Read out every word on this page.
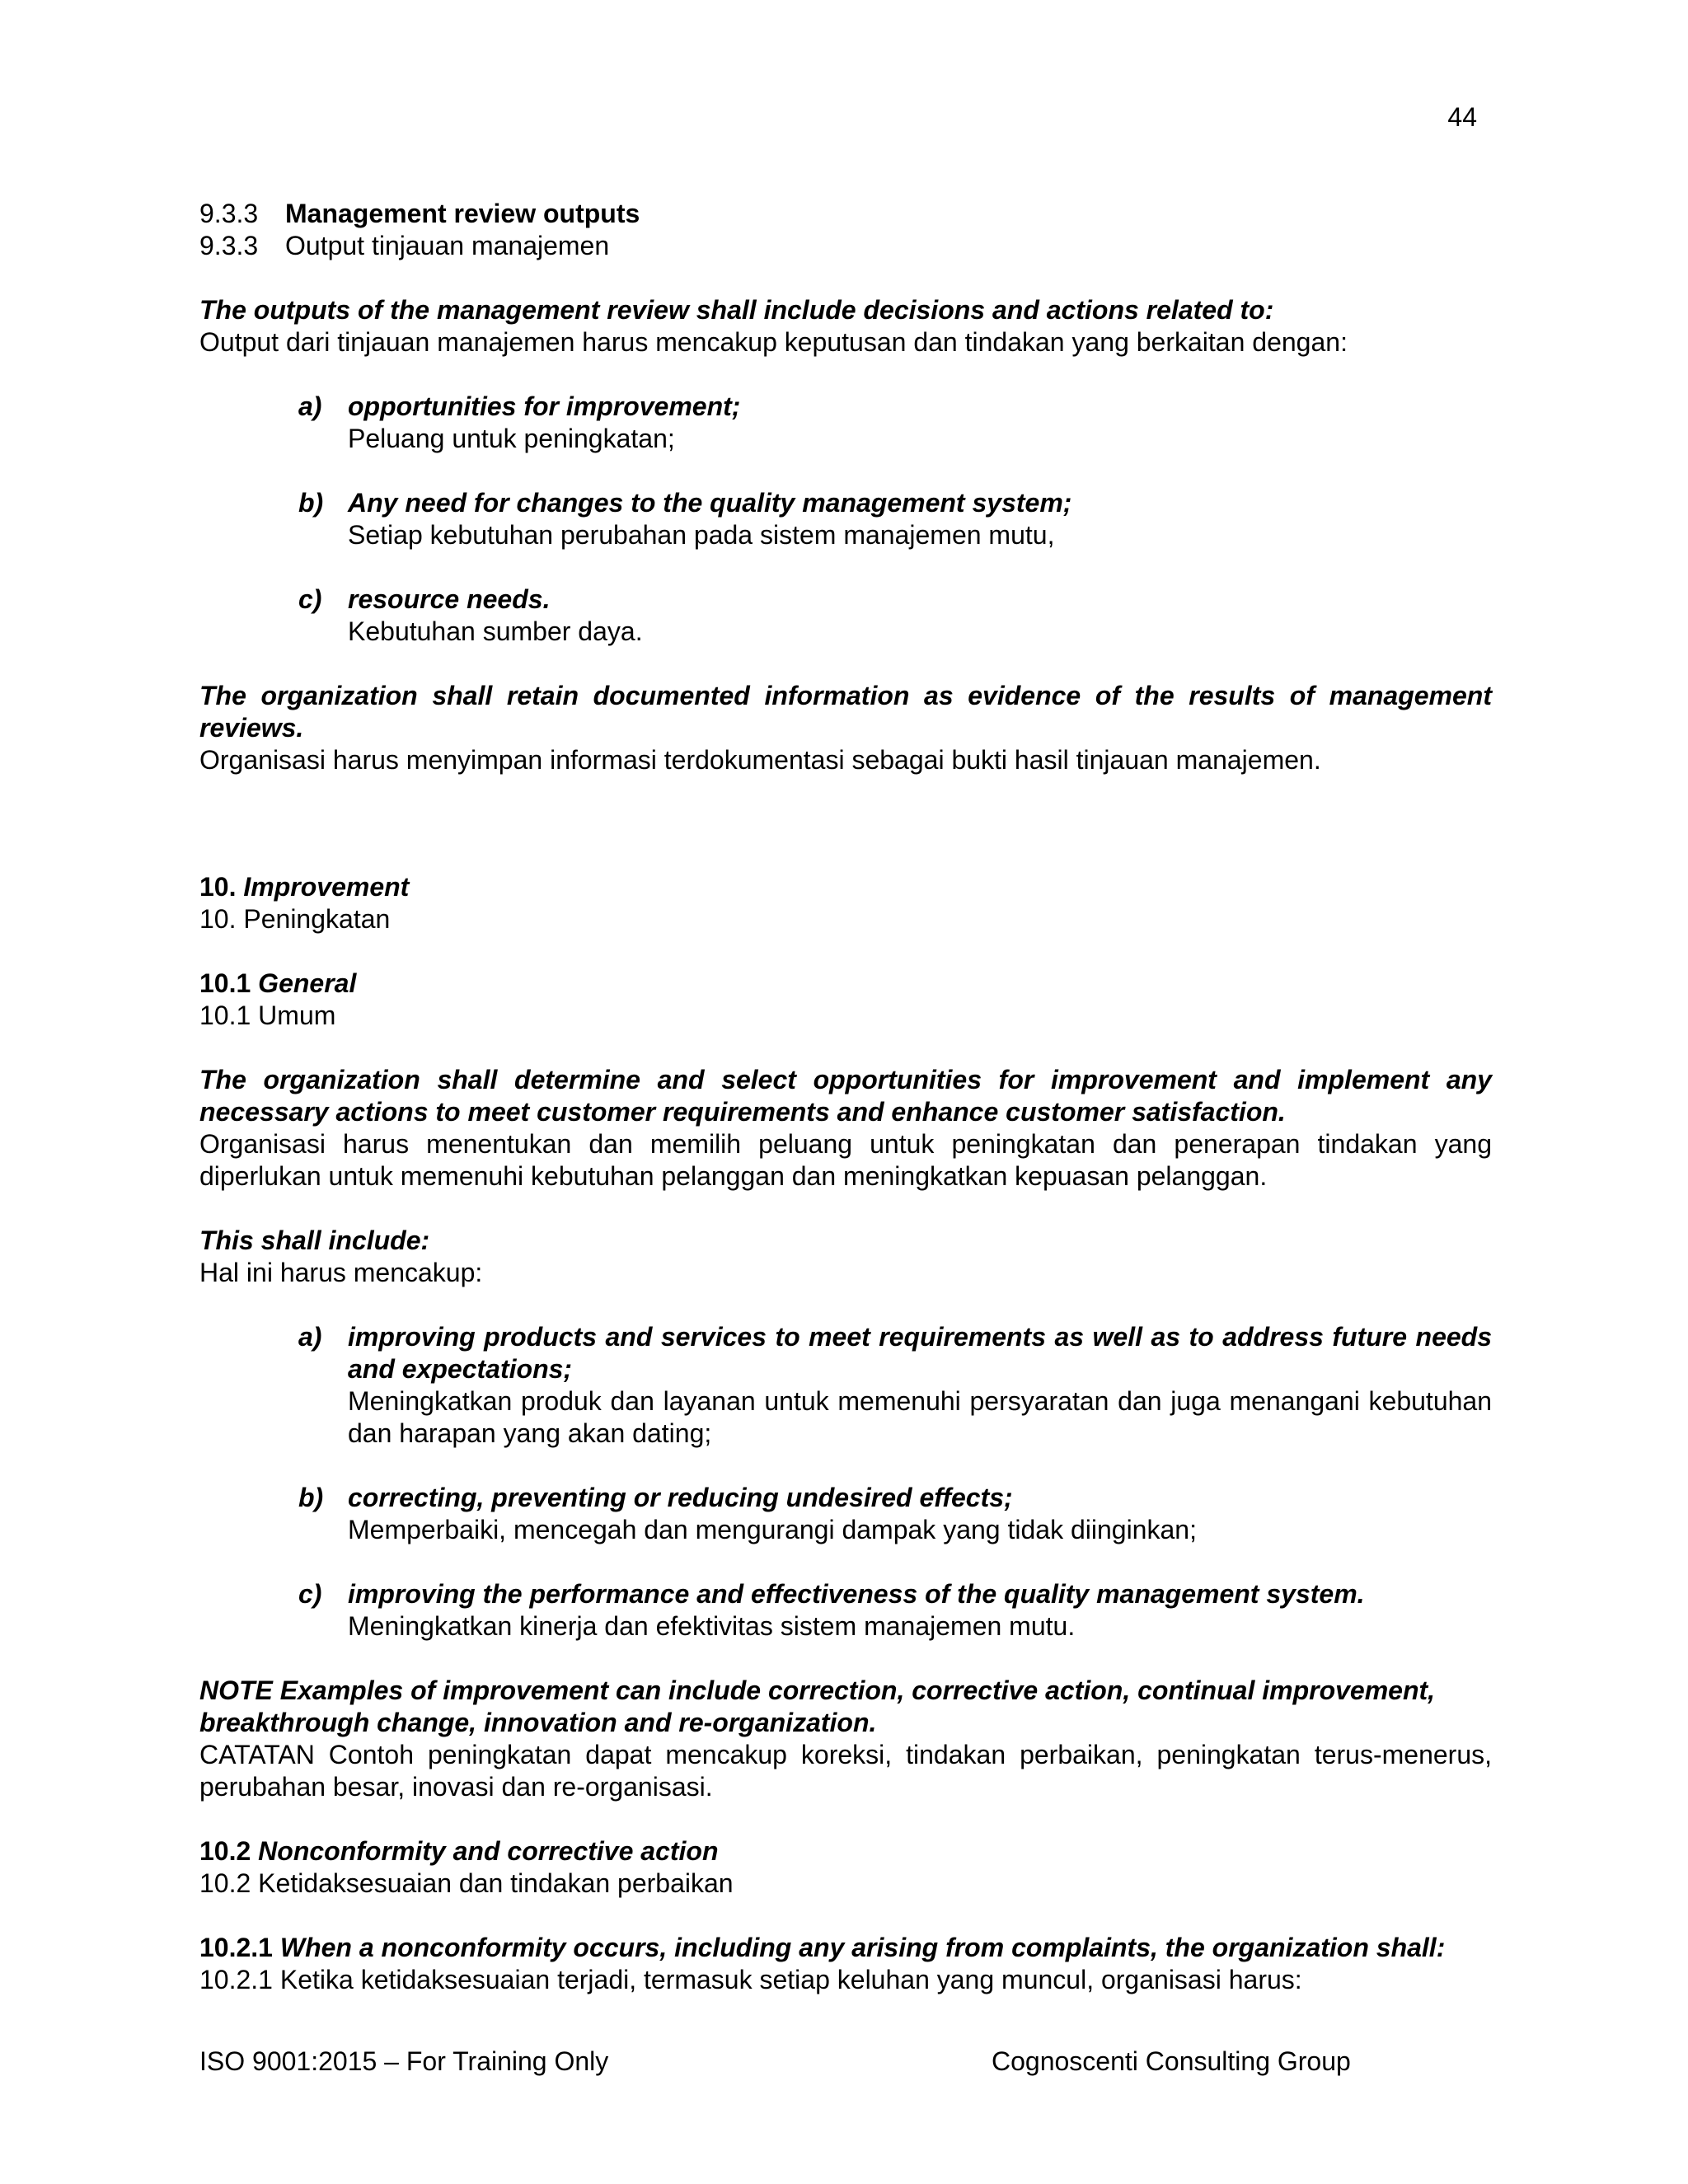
44
9.3.3 Management review outputs
9.3.3 Output tinjauan manajemen
The outputs of the management review shall include decisions and actions related to:
Output dari tinjauan manajemen harus mencakup keputusan dan tindakan yang berkaitan dengan:
a) opportunities for improvement;
Peluang untuk peningkatan;
b) Any need for changes to the quality management system;
Setiap kebutuhan perubahan pada sistem manajemen mutu,
c) resource needs.
Kebutuhan sumber daya.
The organization shall retain documented information as evidence of the results of management reviews.
Organisasi harus menyimpan informasi terdokumentasi sebagai bukti hasil tinjauan manajemen.
10. Improvement
10. Peningkatan
10.1 General
10.1 Umum
The organization shall determine and select opportunities for improvement and implement any necessary actions to meet customer requirements and enhance customer satisfaction.
Organisasi harus menentukan dan memilih peluang untuk peningkatan dan penerapan tindakan yang diperlukan untuk memenuhi kebutuhan pelanggan dan meningkatkan kepuasan pelanggan.
This shall include:
Hal ini harus mencakup:
a) improving products and services to meet requirements as well as to address future needs and expectations;
Meningkatkan produk dan layanan untuk memenuhi persyaratan dan juga menangani kebutuhan dan harapan yang akan dating;
b) correcting, preventing or reducing undesired effects;
Memperbaiki, mencegah dan mengurangi dampak yang tidak diinginkan;
c) improving the performance and effectiveness of the quality management system.
Meningkatkan kinerja dan efektivitas sistem manajemen mutu.
NOTE Examples of improvement can include correction, corrective action, continual improvement, breakthrough change, innovation and re-organization.
CATATAN Contoh peningkatan dapat mencakup koreksi, tindakan perbaikan, peningkatan terus-menerus, perubahan besar, inovasi dan re-organisasi.
10.2 Nonconformity and corrective action
10.2 Ketidaksesuaian dan tindakan perbaikan
10.2.1 When a nonconformity occurs, including any arising from complaints, the organization shall:
10.2.1 Ketika ketidaksesuaian terjadi, termasuk setiap keluhan yang muncul, organisasi harus:
ISO 9001:2015 – For Training Only	Cognoscenti Consulting Group
